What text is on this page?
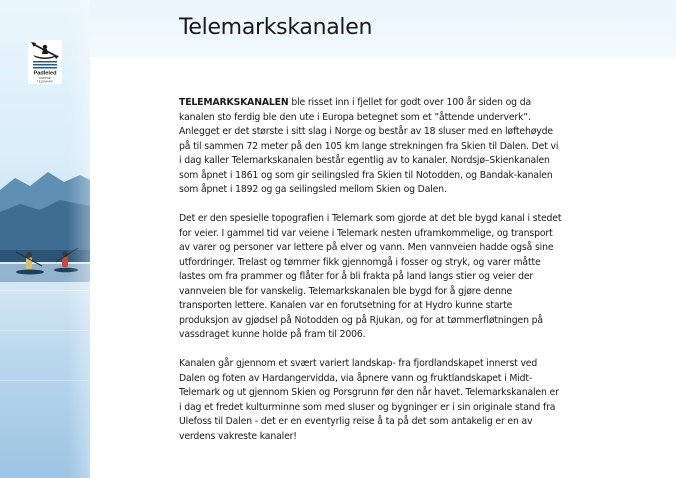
Padleled
MIDTRE
TELEMARK
Telemarkskanalen

TELEMARKSKANALEN ble risset inn i fjellet for godt over 100 år siden og da kanalen sto ferdig ble den ute i Europa betegnet som et ”åttende underverk”. Anlegget er det største i sitt slag i Norge og består av 18 sluser med en løftehøyde på til sammen 72 meter på den 105 km lange strekningen fra Skien til Dalen. Det vi i dag kaller Telemarkskanalen består egentlig av to kanaler. Nordsjø–Skienkanalen som åpnet i 1861 og som gir seilingsled fra Skien til Notodden, og Bandak-kanalen som åpnet i 1892 og ga seilingsled mellom Skien og Dalen.

Det er den spesielle topografien i Telemark som gjorde at det ble bygd kanal i stedet for veier. I gammel tid var veiene i Telemark nesten uframkommelige, og transport av varer og personer var lettere på elver og vann. Men vannveien hadde også sine utfordringer. Trelast og tømmer fikk gjennomgå i fosser og stryk, og varer måtte lastes om fra prammer og flåter for å bli frakta på land langs stier og veier der vannveien ble for vanskelig. Telemarkskanalen ble bygd for å gjøre denne transporten lettere. Kanalen var en forutsetning for at Hydro kunne starte produksjon av gjødsel på Notodden og på Rjukan, og for at tømmerfløtningen på vassdraget kunne holde på fram til 2006.

Kanalen går gjennom et svært variert landskap- fra fjordlandskapet innerst ved Dalen og foten av Hardangervidda, via åpnere vann og fruktlandskapet i Midt-Telemark og ut gjennom Skien og Porsgrunn før den når havet. Telemarkskanalen er i dag et fredet kulturminne som med sluser og bygninger er i sin originale stand fra Ulefoss til Dalen - det er en eventyrlig reise å ta på det som antakelig er en av verdens vakreste kanaler!
